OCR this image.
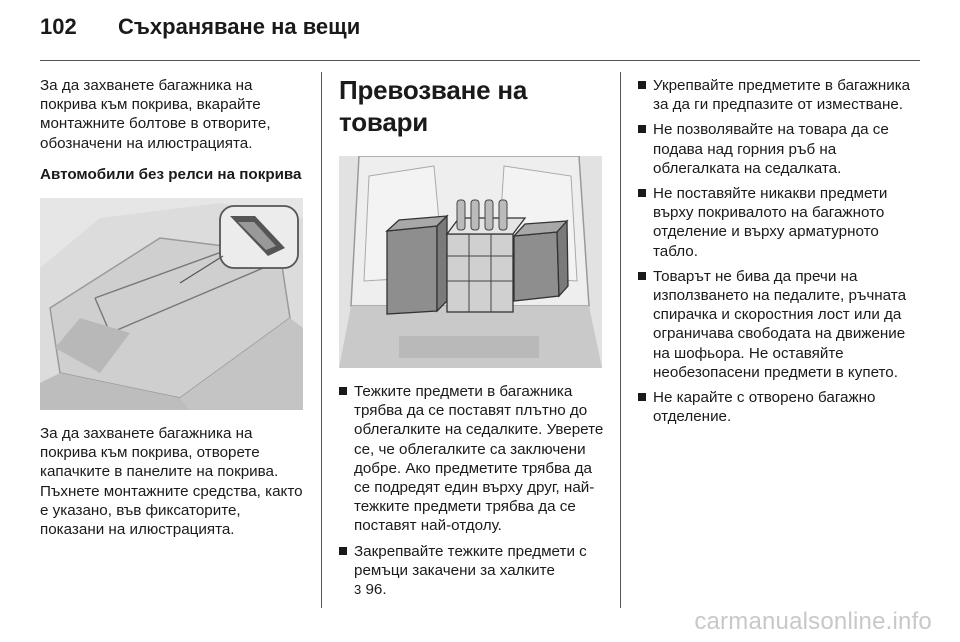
102 Съхраняване на вещи

За да захванете багажника на покрива към покрива, вкарайте монтажните болтове в отворите, обозначени на илюстрацията.

Автомобили без релси на покрива

За да захванете багажника на покрива към покрива, отворете капачките в панелите на покрива. Пъхнете монтажните средства, както е указано, във фиксаторите, показани на илюстрацията.

Превозване на товари
Тежките предмети в багажника трябва да се поставят плътно до облегалките на седалките. Уверете се, че облегалките са заключени добре. Ако предметите трябва да се подредят един върху друг, най-тежките предмети трябва да се поставят най-отдолу.
Закрепвайте тежките предмети с ремъци закачени за халките
3 96.
Укрепвайте предметите в багажника за да ги предпазите от изместване.
Не позволявайте на товара да се подава над горния ръб на облегалката на седалката.
Не поставяйте никакви предмети върху покривалото на багажното отделение и върху арматурното табло.
Товарът не бива да пречи на използването на педалите, ръчната спирачка и скоростния лост или да ограничава свободата на движение на шофьора. Не оставяйте необезопасени предмети в купето.
Не карайте с отворено багажно отделение.
carmanualsonline.info
